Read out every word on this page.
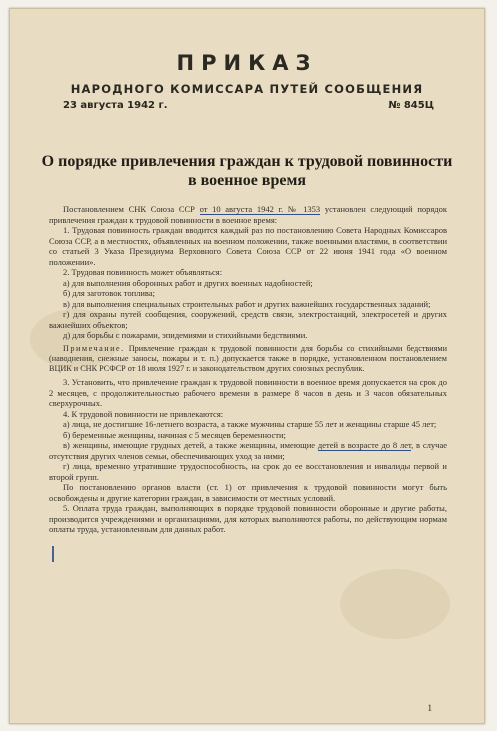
ПРИКАЗ
НАРОДНОГО КОМИССАРА ПУТЕЙ СООБЩЕНИЯ
23 августа 1942 г.	№ 845Ц
О порядке привлечения граждан к трудовой повинности в военное время

Постановлением СНК Союза ССР от 10 августа 1942 г. № 1353 установлен следующий порядок привлечения граждан к трудовой повинности в военное время:

1. Трудовая повинность граждан вводится каждый раз по постановлению Совета Народных Комиссаров Союза ССР, а в местностях, объявленных на военном положении, также военными властями, в соответствии со статьей 3 Указа Президиума Верховного Совета Союза ССР от 22 июня 1941 года «О военном положении».

2. Трудовая повинность может объявляться:

а) для выполнения оборонных работ и других военных надобностей;

б) для заготовок топлива;

в) для выполнения специальных строительных работ и других важнейших государственных заданий;

г) для охраны путей сообщения, сооружений, средств связи, электростанций, электросетей и других важнейших объектов;

д) для борьбы с пожарами, эпидемиями и стихийными бедствиями.

Примечание. Привлечение граждан к трудовой повинности для борьбы со стихийными бедствиями (наводнения, снежные заносы, пожары и т. п.) допускается также в порядке, установленном постановлением ВЦИК и СНК РСФСР от 18 июля 1927 г. и законодательством других союзных республик.

3. Установить, что привлечение граждан к трудовой повинности в военное время допускается на срок до 2 месяцев, с продолжительностью рабочего времени в размере 8 часов в день и 3 часов обязательных сверхурочных.

4. К трудовой повинности не привлекаются:

а) лица, не достигшие 16-летнего возраста, а также мужчины старше 55 лет и женщины старше 45 лет;

б) беременные женщины, начиная с 5 месяцев беременности;

в) женщины, имеющие грудных детей, а также женщины, имеющие детей в возрасте до 8 лет, в случае отсутствия других членов семьи, обеспечивающих уход за ними;

г) лица, временно утратившие трудоспособность, на срок до ее восстановления и инвалиды первой и второй групп.

По постановлению органов власти (ст. 1) от привлечения к трудовой повинности могут быть освобождены и другие категории граждан, в зависимости от местных условий.

5. Оплата труда граждан, выполняющих в порядке трудовой повинности оборонные и другие работы, производится учреждениями и организациями, для которых выполняются работы, по действующим нормам оплаты труда, установленным для данных работ.

1
